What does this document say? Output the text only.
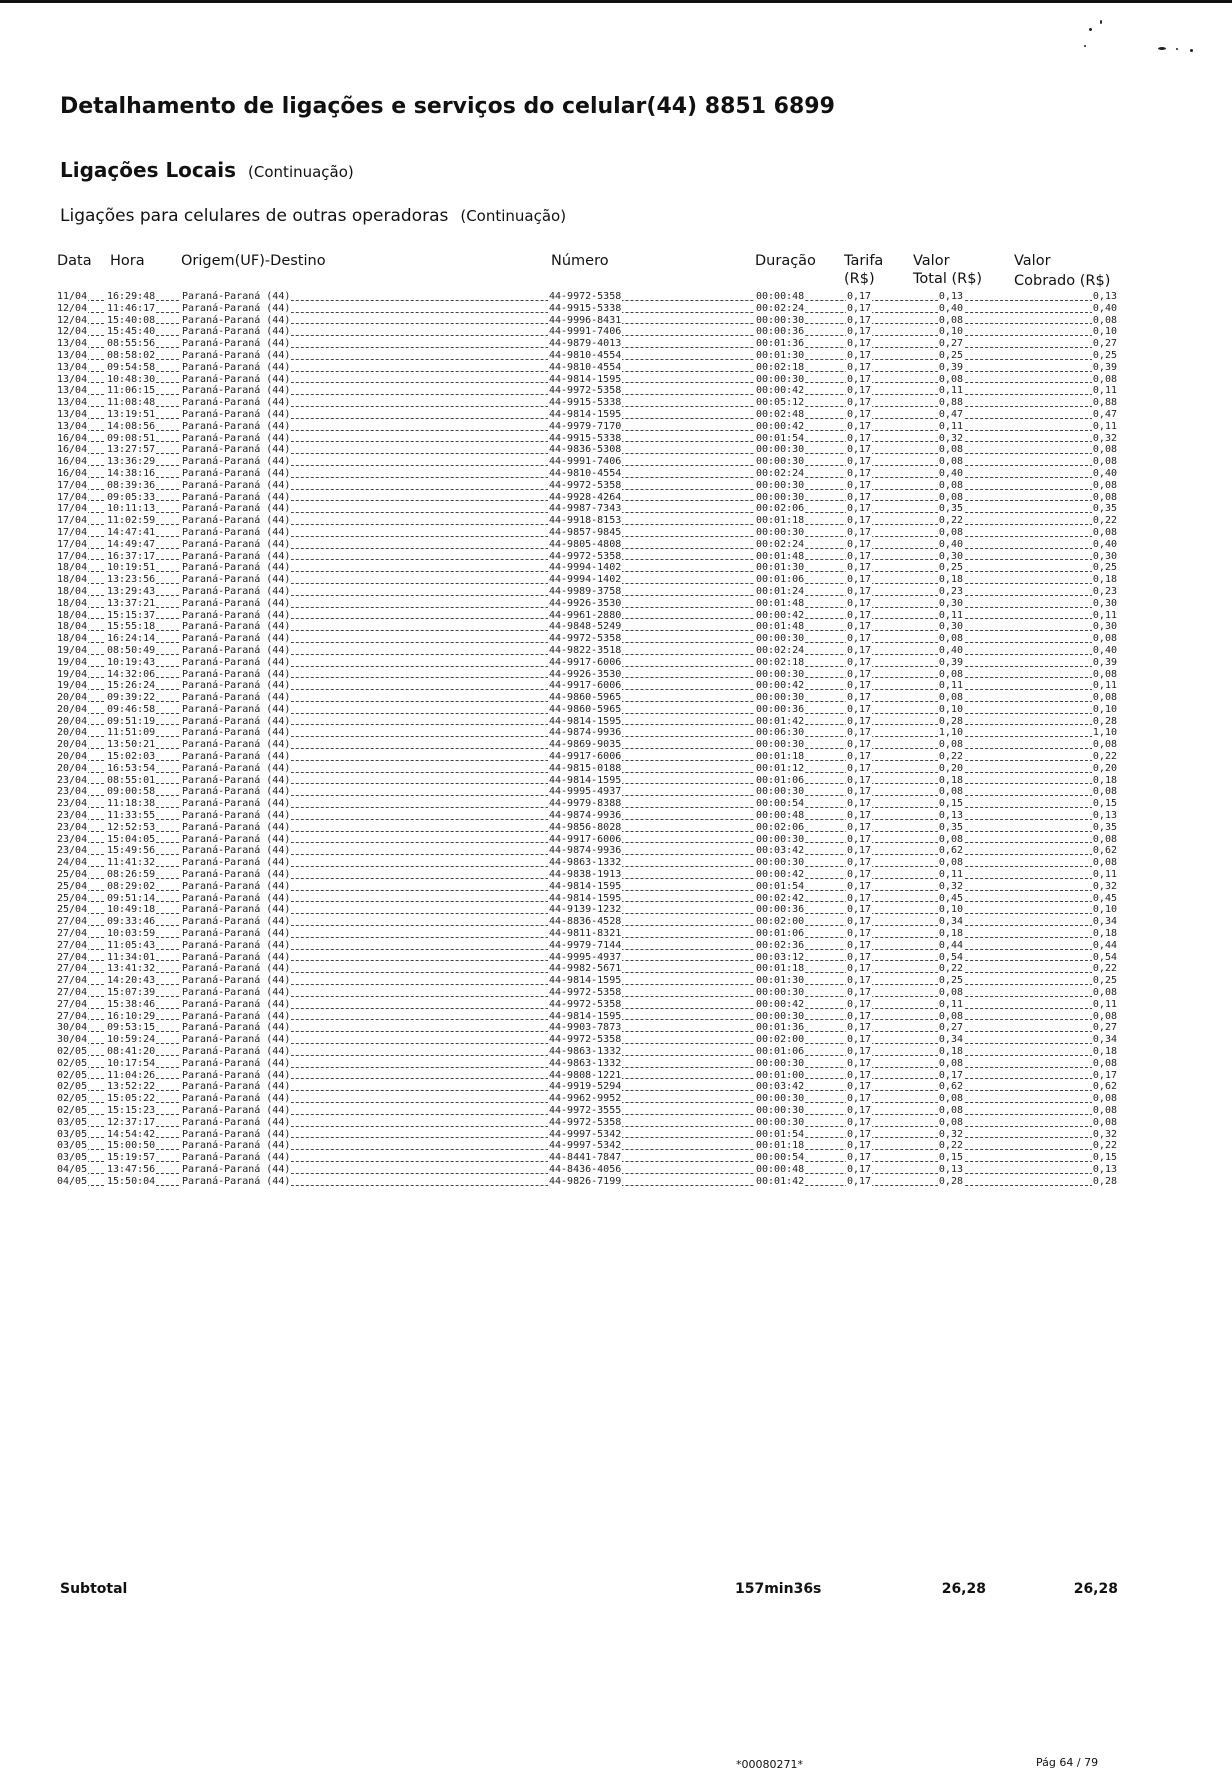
Detalhamento de ligações e serviços do celular(44) 8851 6899
Ligações Locais (Continuação)
Ligações para celulares de outras operadoras (Continuação)
Data Hora	Origem(UF)-Destino	Número	Duração Tarifa
(R$)
Valor
Total (R$)
Valor
Cobrado (R$)
11/04 16:29:48	Paraná-Paraná (44)	44-9972-5358	00:00:48	0,17	0,13	0,13
12/04 11:46:17	Paraná-Paraná (44)	44-9915-5338	00:02:24	0,17	0,40	0,40
12/04 15:40:08	Paraná-Paraná (44)	44-9996-8431	00:00:30	0,17	0,08	0,08
12/04 15:45:40	Paraná-Paraná (44)	44-9991-7406	00:00:36	0,17	0,10	0,10
13/04 08:55:56	Paraná-Paraná (44)	44-9879-4013	00:01:36	0,17	0,27	0,27
13/04 08:58:02	Paraná-Paraná (44)	44-9810-4554	00:01:30	0,17	0,25	0,25
13/04 09:54:58	Paraná-Paraná (44)	44-9810-4554	00:02:18	0,17	0,39	0,39
13/04 10:48:30	Paraná-Paraná (44)	44-9814-1595	00:00:30	0,17	0,08	0,08
13/04 11:06:15	Paraná-Paraná (44)	44-9972-5358	00:00:42	0,17	0,11	0,11
13/04 11:08:48	Paraná-Paraná (44)	44-9915-5338	00:05:12	0,17	0,88	0,88
13/04 13:19:51	Paraná-Paraná (44)	44-9814-1595	00:02:48	0,17	0,47	0,47
13/04 14:08:56	Paraná-Paraná (44)	44-9979-7170	00:00:42	0,17	0,11	0,11
16/04 09:08:51	Paraná-Paraná (44)	44-9915-5338	00:01:54	0,17	0,32	0,32
16/04 13:27:57	Paraná-Paraná (44)	44-9836-5308	00:00:30	0,17	0,08	0,08
16/04 13:36:29	Paraná-Paraná (44)	44-9991-7406	00:00:30	0,17	0,08	0,08
16/04 14:38:16	Paraná-Paraná (44)	44-9810-4554	00:02:24	0,17	0,40	0,40
17/04 08:39:36	Paraná-Paraná (44)	44-9972-5358	00:00:30	0,17	0,08	0,08
17/04 09:05:33	Paraná-Paraná (44)	44-9928-4264	00:00:30	0,17	0,08	0,08
17/04 10:11:13	Paraná-Paraná (44)	44-9987-7343	00:02:06	0,17	0,35	0,35
17/04 11:02:59	Paraná-Paraná (44)	44-9918-8153	00:01:18	0,17	0,22	0,22
17/04 14:47:41	Paraná-Paraná (44)	44-9857-9845	00:00:30	0,17	0,08	0,08
17/04 14:49:47	Paraná-Paraná (44)	44-9805-4808	00:02:24	0,17	0,40	0,40
17/04 16:37:17	Paraná-Paraná (44)	44-9972-5358	00:01:48	0,17	0,30	0,30
18/04 10:19:51	Paraná-Paraná (44)	44-9994-1402	00:01:30	0,17	0,25	0,25
18/04 13:23:56	Paraná-Paraná (44)	44-9994-1402	00:01:06	0,17	0,18	0,18
18/04 13:29:43	Paraná-Paraná (44)	44-9989-3758	00:01:24	0,17	0,23	0,23
18/04 13:37:21	Paraná-Paraná (44)	44-9926-3530	00:01:48	0,17	0,30	0,30
18/04 15:15:37	Paraná-Paraná (44)	44-9961-2880	00:00:42	0,17	0,11	0,11
18/04 15:55:18	Paraná-Paraná (44)	44-9848-5249	00:01:48	0,17	0,30	0,30
18/04 16:24:14	Paraná-Paraná (44)	44-9972-5358	00:00:30	0,17	0,08	0,08
19/04 08:50:49	Paraná-Paraná (44)	44-9822-3518	00:02:24	0,17	0,40	0,40
19/04 10:19:43	Paraná-Paraná (44)	44-9917-6006	00:02:18	0,17	0,39	0,39
19/04 14:32:06	Paraná-Paraná (44)	44-9926-3530	00:00:30	0,17	0,08	0,08
19/04 15:26:24	Paraná-Paraná (44)	44-9917-6006	00:00:42	0,17	0,11	0,11
20/04 09:39:22	Paraná-Paraná (44)	44-9860-5965	00:00:30	0,17	0,08	0,08
20/04 09:46:58	Paraná-Paraná (44)	44-9860-5965	00:00:36	0,17	0,10	0,10
20/04 09:51:19	Paraná-Paraná (44)	44-9814-1595	00:01:42	0,17	0,28	0,28
20/04 11:51:09	Paraná-Paraná (44)	44-9874-9936	00:06:30	0,17	1,10	1,10
20/04 13:50:21	Paraná-Paraná (44)	44-9869-9035	00:00:30	0,17	0,08	0,08
20/04 15:02:03	Paraná-Paraná (44)	44-9917-6006	00:01:18	0,17	0,22	0,22
20/04 16:53:54	Paraná-Paraná (44)	44-9815-0188	00:01:12	0,17	0,20	0,20
23/04 08:55:01	Paraná-Paraná (44)	44-9814-1595	00:01:06	0,17	0,18	0,18
23/04 09:00:58	Paraná-Paraná (44)	44-9995-4937	00:00:30	0,17	0,08	0,08
23/04 11:18:38	Paraná-Paraná (44)	44-9979-8388	00:00:54	0,17	0,15	0,15
23/04 11:33:55	Paraná-Paraná (44)	44-9874-9936	00:00:48	0,17	0,13	0,13
23/04 12:52:53	Paraná-Paraná (44)	44-9856-8028	00:02:06	0,17	0,35	0,35
23/04 15:04:05	Paraná-Paraná (44)	44-9917-6006	00:00:30	0,17	0,08	0,08
23/04 15:49:56	Paraná-Paraná (44)	44-9874-9936	00:03:42	0,17	0,62	0,62
24/04 11:41:32	Paraná-Paraná (44)	44-9863-1332	00:00:30	0,17	0,08	0,08
25/04 08:26:59	Paraná-Paraná (44)	44-9838-1913	00:00:42	0,17	0,11	0,11
25/04 08:29:02	Paraná-Paraná (44)	44-9814-1595	00:01:54	0,17	0,32	0,32
25/04 09:51:14	Paraná-Paraná (44)	44-9814-1595	00:02:42	0,17	0,45	0,45
25/04 10:49:18	Paraná-Paraná (44)	44-9139-1232	00:00:36	0,17	0,10	0,10
27/04 09:33:46	Paraná-Paraná (44)	44-8836-4528	00:02:00	0,17	0,34	0,34
27/04 10:03:59	Paraná-Paraná (44)	44-9811-8321	00:01:06	0,17	0,18	0,18
27/04 11:05:43	Paraná-Paraná (44)	44-9979-7144	00:02:36	0,17	0,44	0,44
27/04 11:34:01	Paraná-Paraná (44)	44-9995-4937	00:03:12	0,17	0,54	0,54
27/04 13:41:32	Paraná-Paraná (44)	44-9982-5671	00:01:18	0,17	0,22	0,22
27/04 14:20:43	Paraná-Paraná (44)	44-9814-1595	00:01:30	0,17	0,25	0,25
27/04 15:07:39	Paraná-Paraná (44)	44-9972-5358	00:00:30	0,17	0,08	0,08
27/04 15:38:46	Paraná-Paraná (44)	44-9972-5358	00:00:42	0,17	0,11	0,11
27/04 16:10:29	Paraná-Paraná (44)	44-9814-1595	00:00:30	0,17	0,08	0,08
30/04 09:53:15	Paraná-Paraná (44)	44-9903-7873	00:01:36	0,17	0,27	0,27
30/04 10:59:24	Paraná-Paraná (44)	44-9972-5358	00:02:00	0,17	0,34	0,34
02/05 08:41:20	Paraná-Paraná (44)	44-9863-1332	00:01:06	0,17	0,18	0,18
02/05 10:17:54	Paraná-Paraná (44)	44-9863-1332	00:00:30	0,17	0,08	0,08
02/05 11:04:26	Paraná-Paraná (44)	44-9808-1221	00:01:00	0,17	0,17	0,17
02/05 13:52:22	Paraná-Paraná (44)	44-9919-5294	00:03:42	0,17	0,62	0,62
02/05 15:05:22	Paraná-Paraná (44)	44-9962-9952	00:00:30	0,17	0,08	0,08
02/05 15:15:23	Paraná-Paraná (44)	44-9972-3555	00:00:30	0,17	0,08	0,08
03/05 12:37:17	Paraná-Paraná (44)	44-9972-5358	00:00:30	0,17	0,08	0,08
03/05 14:54:42	Paraná-Paraná (44)	44-9997-5342	00:01:54	0,17	0,32	0,32
03/05 15:00:50	Paraná-Paraná (44)	44-9997-5342	00:01:18	0,17	0,22	0,22
03/05 15:19:57	Paraná-Paraná (44)	44-8441-7847	00:00:54	0,17	0,15	0,15
04/05 13:47:56	Paraná-Paraná (44)	44-8436-4056	00:00:48	0,17	0,13	0,13
04/05 15:50:04	Paraná-Paraná (44)	44-9826-7199	00:01:42	0,17	0,28	0,28
Subtotal	157min36s	26,28	26,28
*00080271*	Pág 64 / 79
